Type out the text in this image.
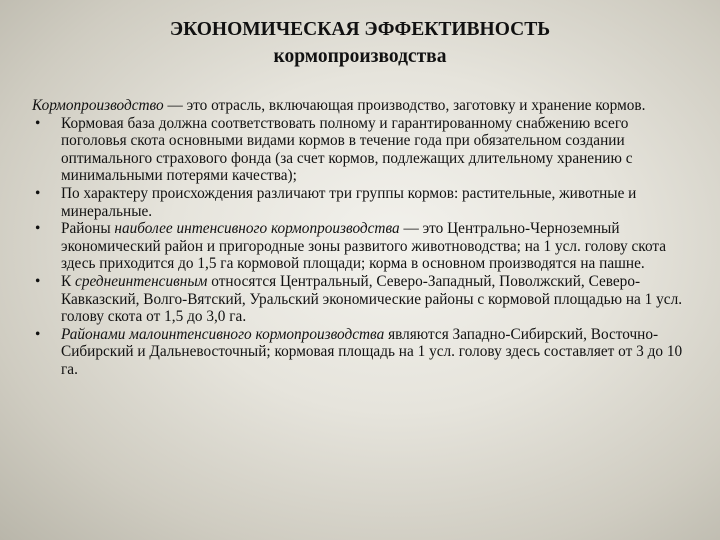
ЭКОНОМИЧЕСКАЯ ЭФФЕКТИВНОСТЬ
кормопроизводства

Кормопроизводство — это отрасль, включающая производство, заготовку и хранение кормов.

• Кормовая база должна соответствовать полному и гарантированному снабжению всего поголовья скота основными видами кормов в течение года при обязательном создании оптимального страхового фонда (за счет кормов, подлежащих длительному хранению с минимальными потерями качества);

• По характеру происхождения различают три группы кормов: растительные, животные и минеральные.

• Районы наиболее интенсивного кормопроизводства — это Центрально-Черноземный экономический район и пригородные зоны развитого животноводства; на 1 усл. голову скота здесь приходится до 1,5 га кормовой площади; корма в основном производятся на пашне.

• К среднеинтенсивным относятся Центральный, Северо-Западный, Поволжский, Северо-Кавказский, Волго-Вятский, Уральский экономические районы с кормовой площадью на 1 усл. голову скота от 1,5 до 3,0 га.

• Районами малоинтенсивного кормопроизводства являются Западно-Сибирский, Восточно-Сибирский и Дальневосточный; кормовая площадь на 1 усл. голову здесь составляет от 3 до 10 га.
